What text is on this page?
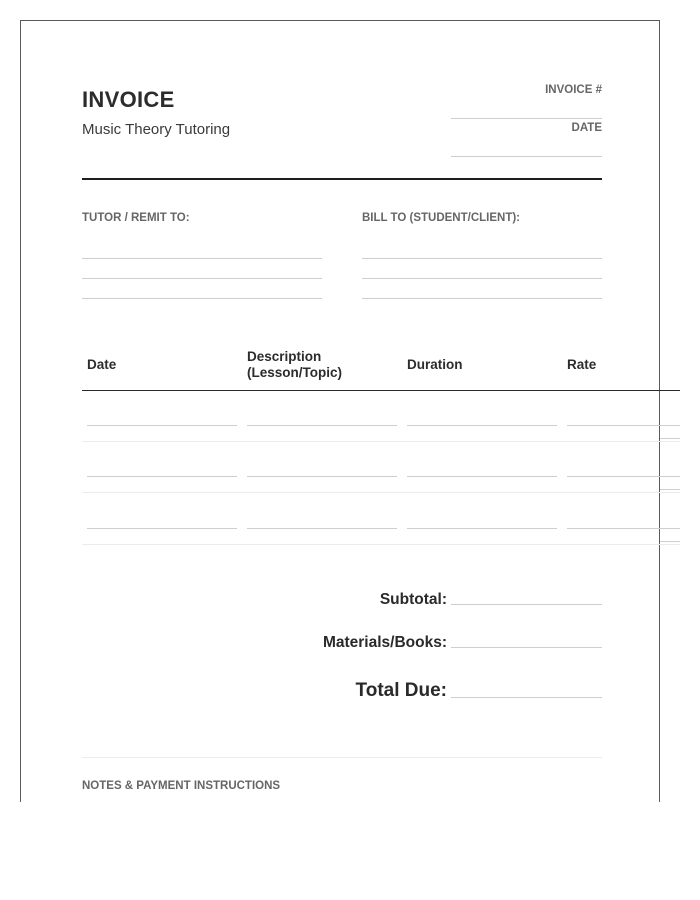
INVOICE
Music Theory Tutoring
INVOICE #
DATE
TUTOR / REMIT TO:	BILL TO (STUDENT/CLIENT):
Date
Description
(Lesson/Topic)
Duration	Rate
Subtotal:
Materials/Books:
Total Due:
NOTES & PAYMENT INSTRUCTIONS
